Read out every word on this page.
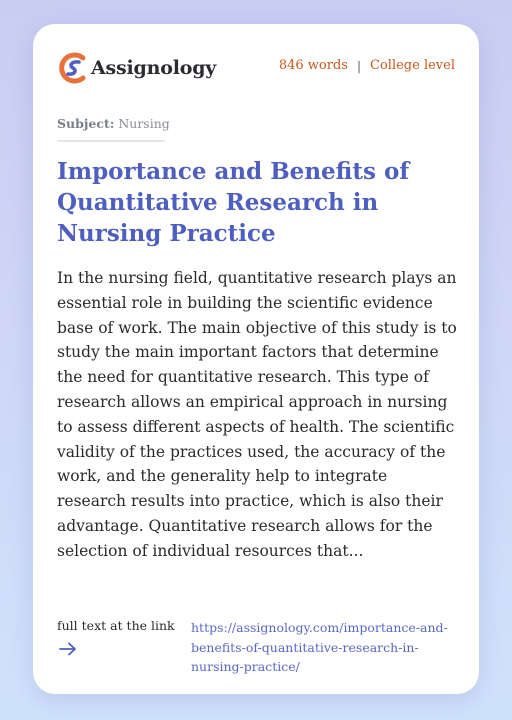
Assignology	846 words | College level
Subject: Nursing
Importance and Benefits of Quantitative Research in Nursing Practice
In the nursing field, quantitative research plays an essential role in building the scientific evidence base of work. The main objective of this study is to study the main important factors that determine the need for quantitative research. This type of research allows an empirical approach in nursing to assess different aspects of health. The scientific validity of the practices used, the accuracy of the work, and the generality help to integrate research results into practice, which is also their advantage. Quantitative research allows for the selection of individual resources that...
full text at the link https://assignology.com/importance-and-benefits-of-quantitative-research-in-nursing-practice/
